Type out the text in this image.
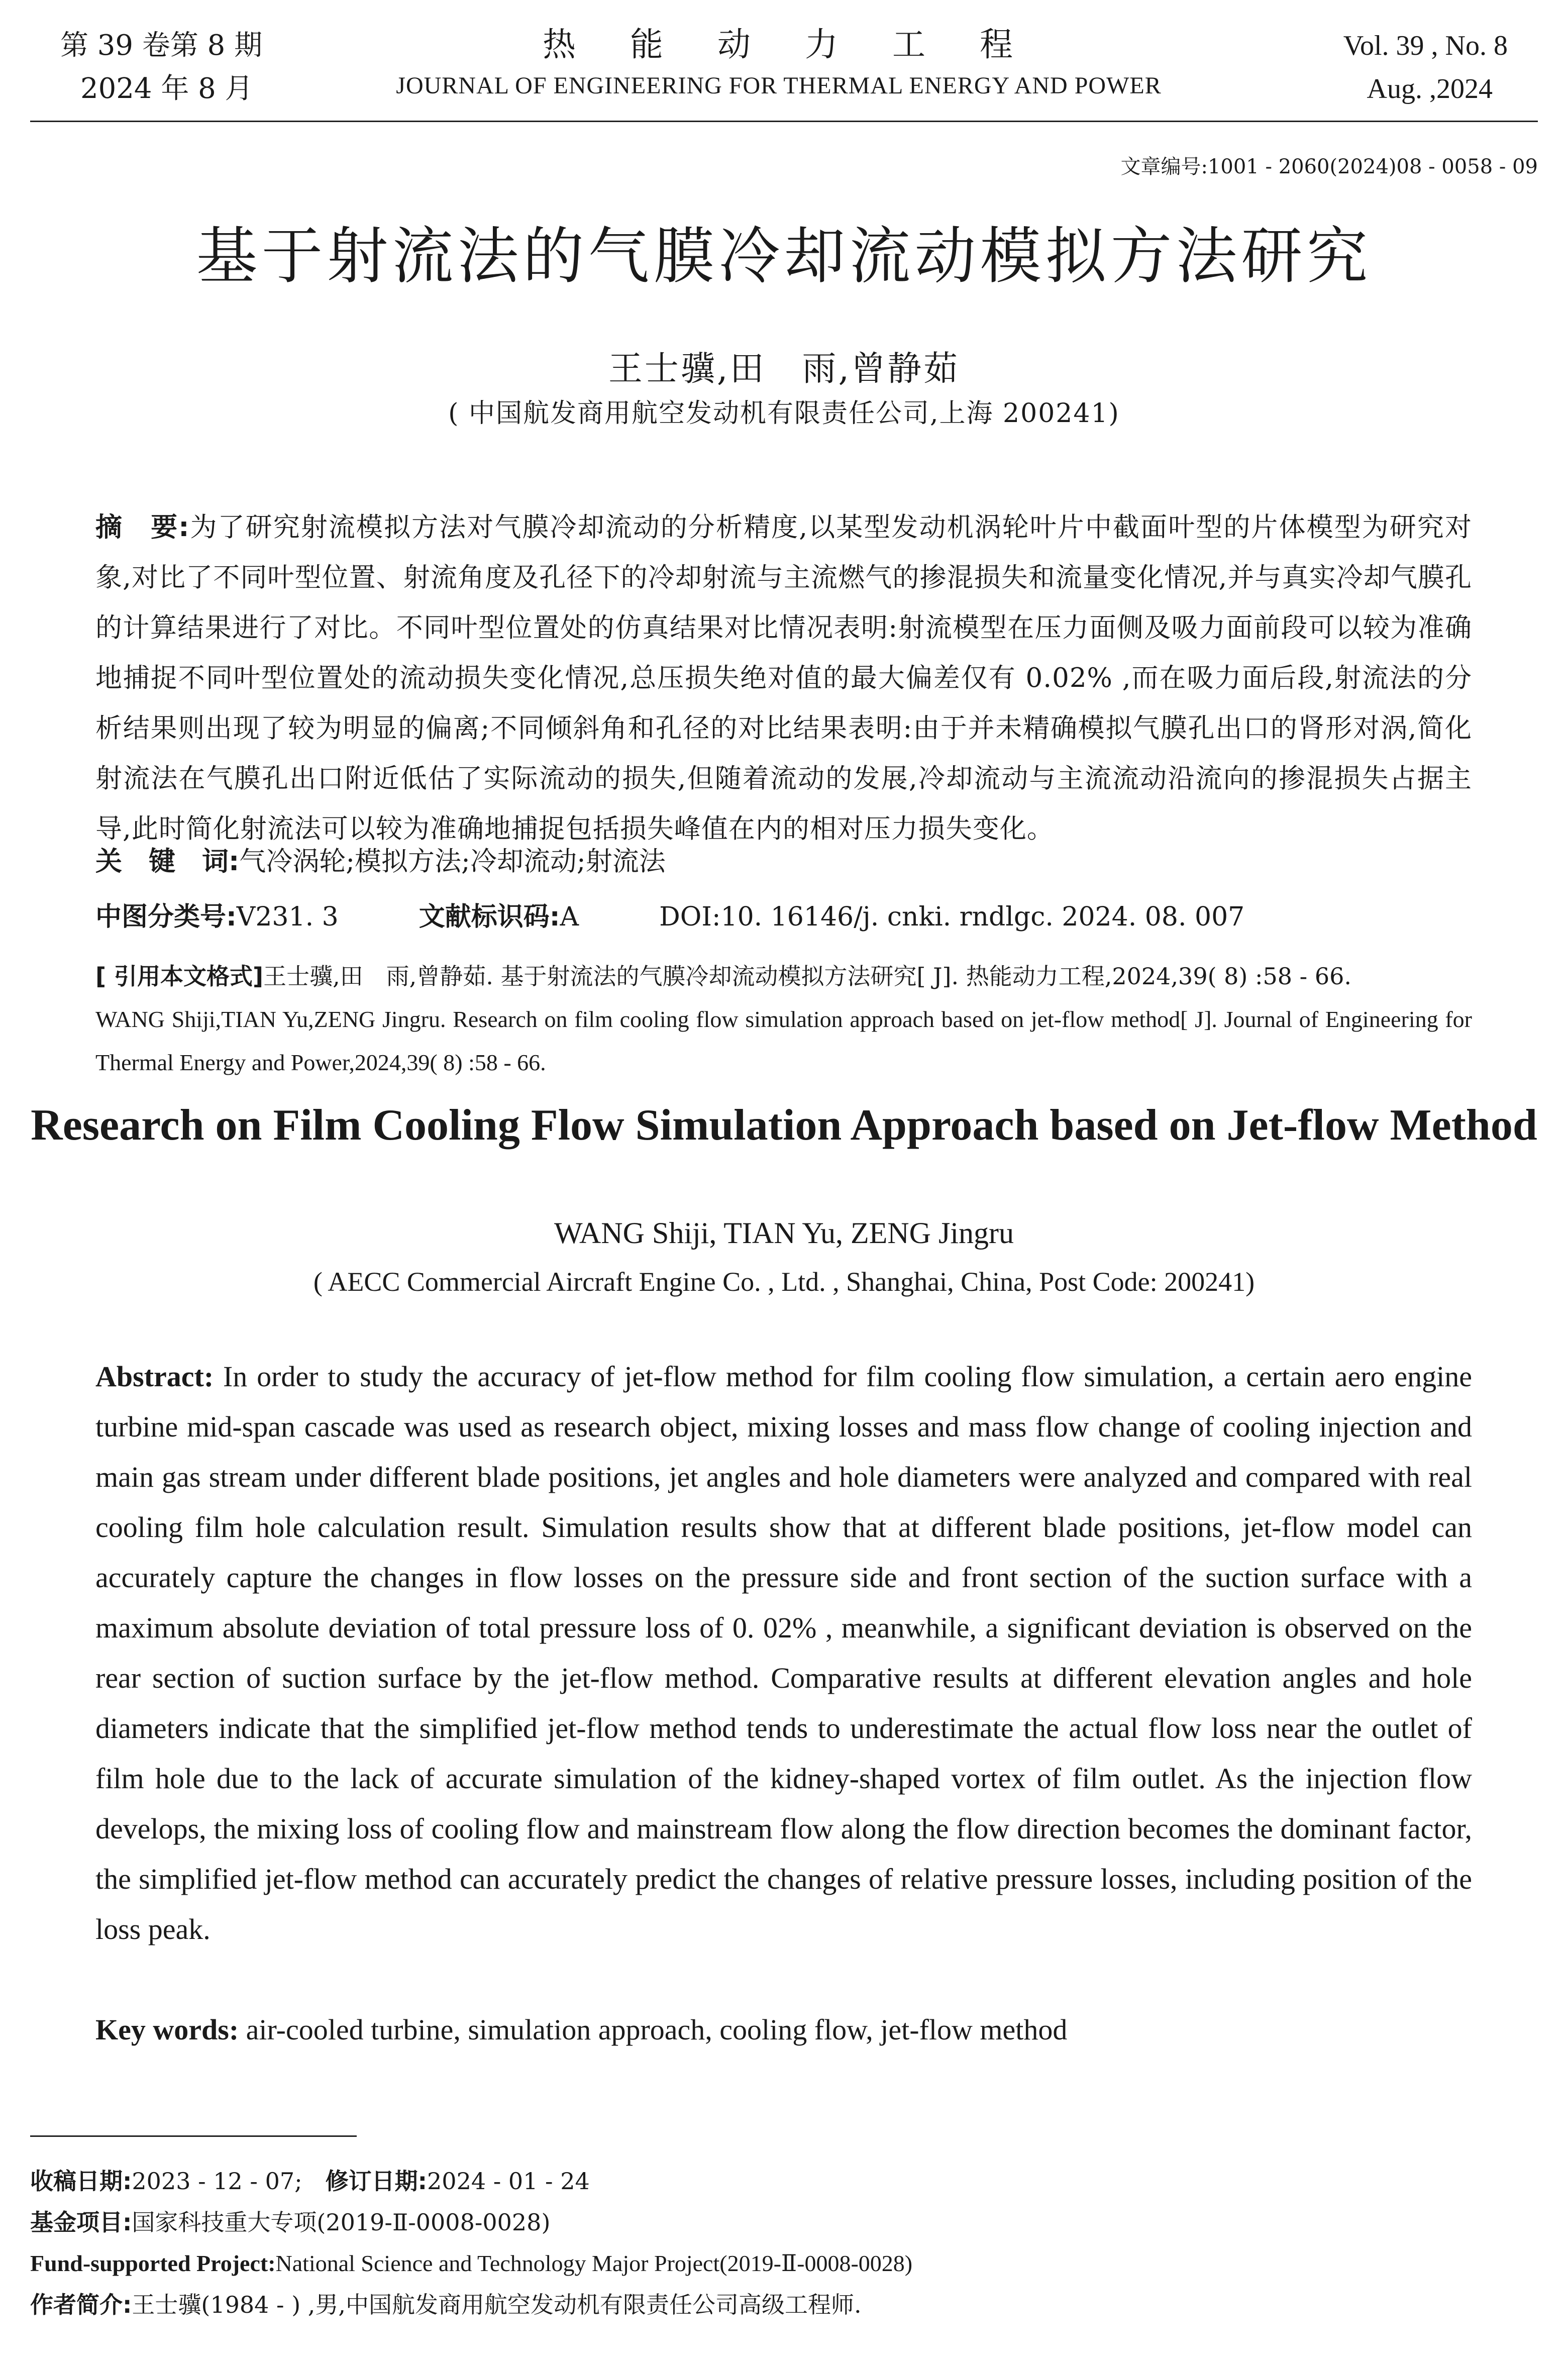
第 39 卷第 8 期
2024 年 8 月
热 能 动 力 工 程
JOURNAL OF ENGINEERING FOR THERMAL ENERGY AND POWER
Vol. 39 , No. 8
Aug. ,2024
文章编号:1001 - 2060(2024)08 - 0058 - 09
基于射流法的气膜冷却流动模拟方法研究
王士骥,田　雨,曾静茹
( 中国航发商用航空发动机有限责任公司,上海 200241)
摘　要:为了研究射流模拟方法对气膜冷却流动的分析精度,以某型发动机涡轮叶片中截面叶型的片体模型为研究对象,对比了不同叶型位置、射流角度及孔径下的冷却射流与主流燃气的掺混损失和流量变化情况,并与真实冷却气膜孔的计算结果进行了对比。不同叶型位置处的仿真结果对比情况表明:射流模型在压力面侧及吸力面前段可以较为准确地捕捉不同叶型位置处的流动损失变化情况,总压损失绝对值的最大偏差仅有 0.02% ,而在吸力面后段,射流法的分析结果则出现了较为明显的偏离;不同倾斜角和孔径的对比结果表明:由于并未精确模拟气膜孔出口的肾形对涡,简化射流法在气膜孔出口附近低估了实际流动的损失,但随着流动的发展,冷却流动与主流流动沿流向的掺混损失占据主导,此时简化射流法可以较为准确地捕捉包括损失峰值在内的相对压力损失变化。
关　键　词:气冷涡轮;模拟方法;冷却流动;射流法
中图分类号:V231. 3	文献标识码:A	DOI:10. 16146/j. cnki. rndlgc. 2024. 08. 007
[ 引用本文格式]王士骥,田　雨,曾静茹. 基于射流法的气膜冷却流动模拟方法研究[ J]. 热能动力工程,2024,39( 8) :58 - 66.
WANG Shiji,TIAN Yu,ZENG Jingru. Research on film cooling flow simulation approach based on jet-flow method[ J]. Journal of Engineering for Thermal Energy and Power,2024,39( 8) :58 - 66.
Research on Film Cooling Flow Simulation Approach based on Jet-flow Method
WANG Shiji, TIAN Yu, ZENG Jingru
( AECC Commercial Aircraft Engine Co. , Ltd. , Shanghai, China, Post Code: 200241)
Abstract: In order to study the accuracy of jet-flow method for film cooling flow simulation, a certain aero engine turbine mid-span cascade was used as research object, mixing losses and mass flow change of cooling injection and main gas stream under different blade positions, jet angles and hole diameters were analyzed and compared with real cooling film hole calculation result. Simulation results show that at different blade positions, jet-flow model can accurately capture the changes in flow losses on the pressure side and front section of the suction surface with a maximum absolute deviation of total pressure loss of 0. 02% , meanwhile, a significant deviation is observed on the rear section of suction surface by the jet-flow method. Comparative results at different elevation angles and hole diameters indicate that the simplified jet-flow method tends to underestimate the actual flow loss near the outlet of film hole due to the lack of accurate simulation of the kidney-shaped vortex of film outlet. As the injection flow develops, the mixing loss of cooling flow and mainstream flow along the flow direction becomes the dominant factor, the simplified jet-flow method can accurately predict the changes of relative pressure losses, including position of the loss peak.
Key words: air-cooled turbine, simulation approach, cooling flow, jet-flow method
收稿日期:2023 - 12 - 07;　 修订日期:2024 - 01 - 24
基金项目:国家科技重大专项(2019-Ⅱ-0008-0028)
Fund-supported Project:National Science and Technology Major Project(2019-Ⅱ-0008-0028)
作者简介:王士骥(1984 - ) ,男,中国航发商用航空发动机有限责任公司高级工程师.
